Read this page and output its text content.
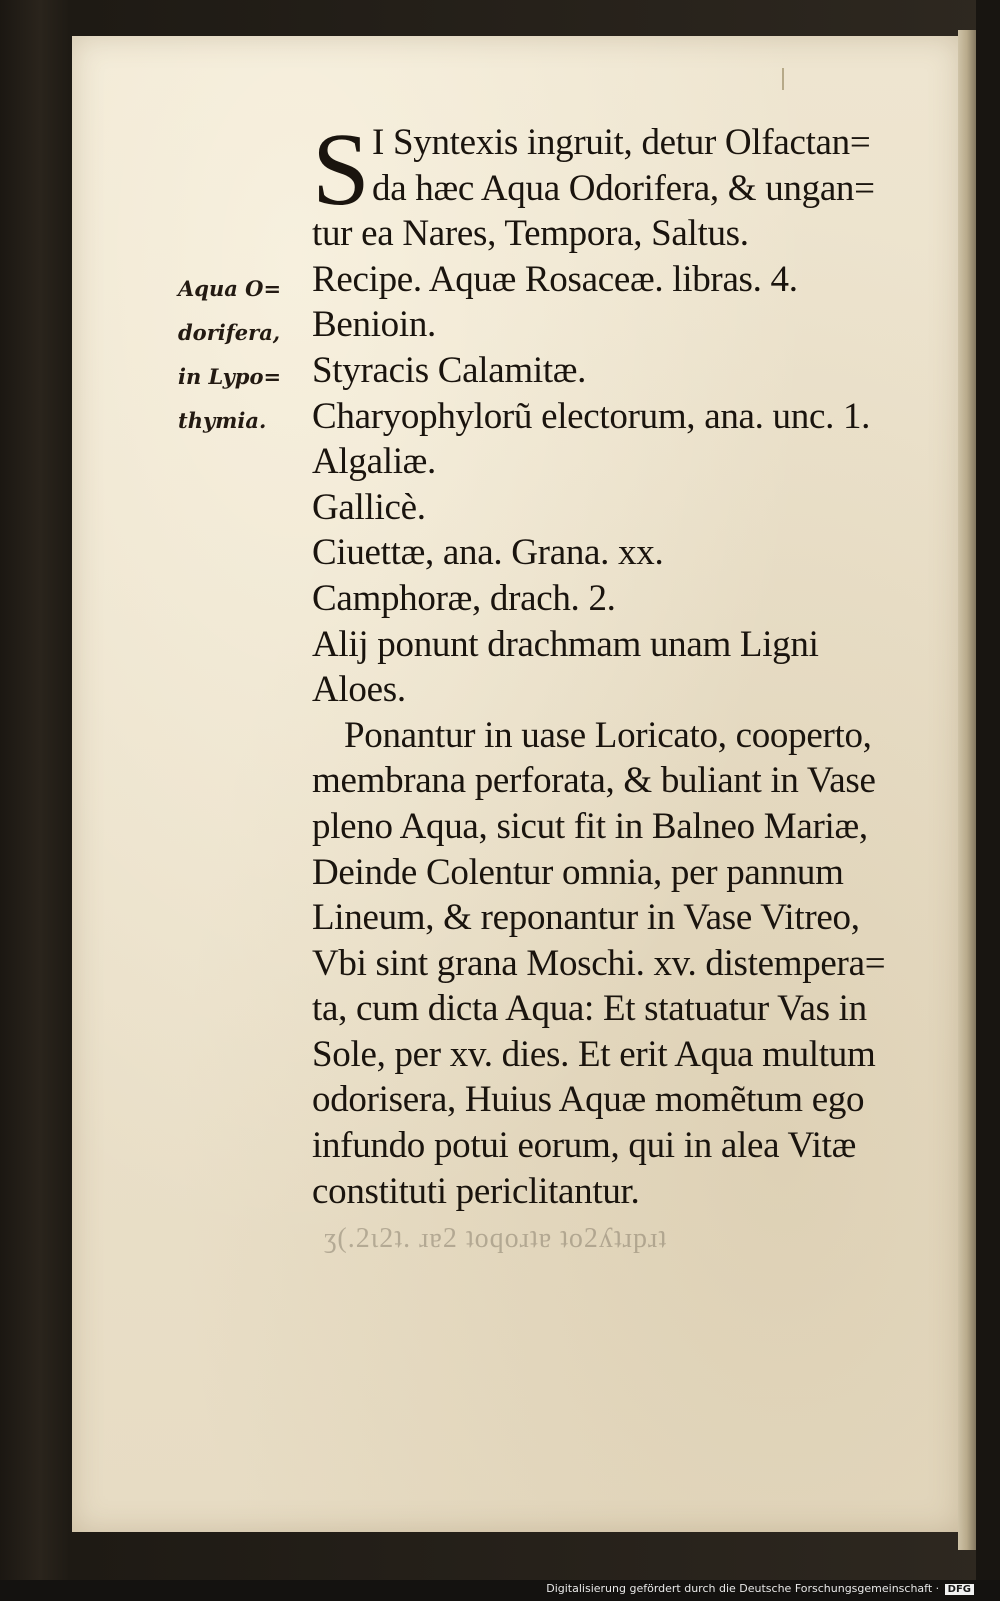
S I Syntexis ingruit, detur Olfactan=
da hæc Aqua Odorifera, & ungan=
tur ea Nares, Tempora, Saltus.
Recipe. Aquæ Rosaceæ. libras. 4.
Benioin.
Styracis Calamitæ.
Charyophylorũ electorum, ana. unc. 1.
Algaliæ.
Gallicè.
Ciuettæ, ana. Grana. xx.
Camphoræ, drach. 2.
Alij ponunt drachmam unam Ligni
Aloes.
Ponantur in uase Loricato, cooperto,
membrana perforata, & buliant in Vase
pleno Aqua, sicut fit in Balneo Mariæ,
Deinde Colentur omnia, per pannum
Lineum, & reponantur in Vase Vitreo,
Vbi sint grana Moschi. xv. distempera=
ta, cum dicta Aqua: Et statuatur Vas in
Sole, per xv. dies. Et erit Aqua multum
odorisera, Huius Aquæ momẽtum ego
infundo potui eorum, qui in alea Vitæ
constituti periclitantur.
Aqua O=
dorifera,
in Lypo=
thymia.
ʒ(.2ɩ2ʇ. ɹɐ2 ʇoqoɹʇɐ ʇo2ʎʇɹpɹʇ
Digitalisierung gefördert durch die Deutsche Forschungsgemeinschaft · DFG
